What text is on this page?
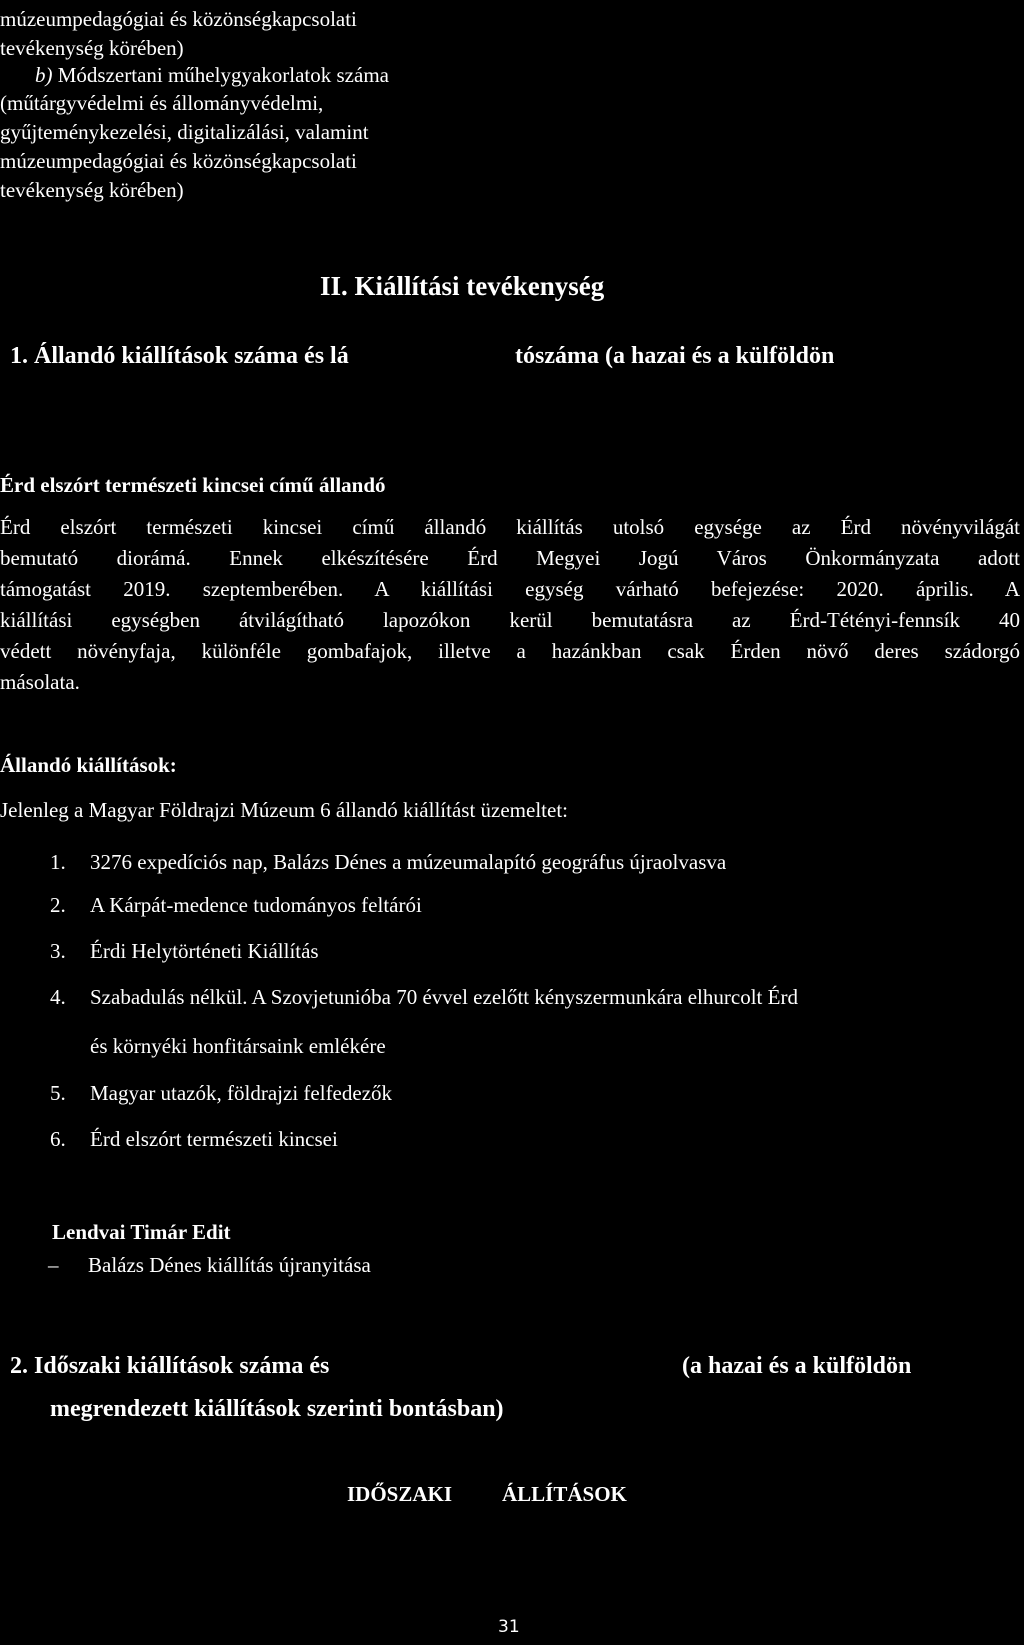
múzeumpedagógiai és közönségkapcsolati
tevékenység körében)
b) Módszertani műhelygyakorlatok száma
(műtárgyvédelmi és állományvédelmi,
gyűjteménykezelési, digitalizálási, valamint
múzeumpedagógiai és közönségkapcsolati
tevékenység körében)
II. Kiállítási tevékenység
1. Állandó kiállítások száma és lá	tószáma (a hazai és a külföldön
Érd elszórt természeti kincsei című állandó
Érd elszórt természeti kincsei című állandó kiállítás utolsó egysége az Érd növényvilágát
bemutató diorámá. Ennek elkészítésére Érd Megyei Jogú Város Önkormányzata adott
támogatást 2019. szeptemberében. A kiállítási egység várható befejezése: 2020. április. A
kiállítási egységben átvilágítható lapozókon kerül bemutatásra az Érd-Tétényi-fennsík 40
védett növényfaja, különféle gombafajok, illetve a hazánkban csak Érden növő deres szádorgó
másolata.
Állandó kiállítások:
Jelenleg a Magyar Földrajzi Múzeum 6 állandó kiállítást üzemeltet:
1.	3276 expedíciós nap, Balázs Dénes a múzeumalapító geográfus újraolvasva
2.	A Kárpát-medence tudományos feltárói
3.	Érdi Helytörténeti Kiállítás
4.	Szabadulás nélkül. A Szovjetunióba 70 évvel ezelőtt kényszermunkára elhurcolt Érd
és környéki honfitársaink emlékére
5.	Magyar utazók, földrajzi felfedezők
6.	Érd elszórt természeti kincsei
Lendvai Timár Edit
– Balázs Dénes kiállítás újranyitása
2. Időszaki kiállítások száma és	(a hazai és a külföldön
megrendezett kiállítások szerinti bontásban)
IDŐSZAKI ÁLLÍTÁSOK
31
